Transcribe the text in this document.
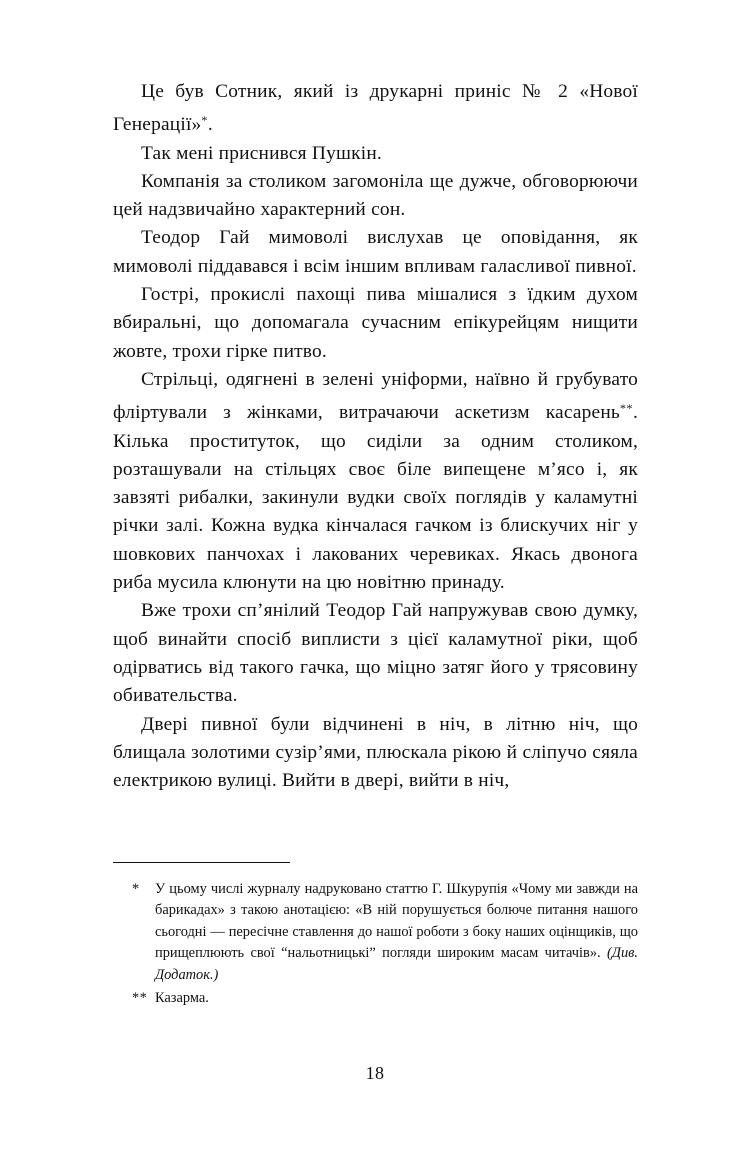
Це був Сотник, який із друкарні приніс № 2 «Нової Генерації»*.

Так мені приснився Пушкін.

Компанія за столиком загомоніла ще дужче, обговорюючи цей надзвичайно характерний сон.

Теодор Гай мимоволі вислухав це оповідання, як мимоволі піддавався і всім іншим впливам галасливої пивної.

Гострі, прокислі пахощі пива мішалися з їдким духом вбиральні, що допомагала сучасним епікурейцям нищити жовте, трохи гірке питво.

Стрільці, одягнені в зелені уніформи, наївно й грубувато фліртували з жінками, витрачаючи аскетизм касарень**. Кілька проституток, що сиділи за одним столиком, розташували на стільцях своє біле випещене м’ясо і, як завзяті рибалки, закинули вудки своїх поглядів у каламутні річки залі. Кожна вудка кінчалася гачком із блискучих ніг у шовкових панчохах і лакованих черевиках. Якась двонога риба мусила клюнути на цю новітню принаду.

Вже трохи сп’янілий Теодор Гай напружував свою думку, щоб винайти спосіб виплисти з цієї каламутної ріки, щоб одірватись від такого гачка, що міцно затяг його у трясовину обивательства.

Двері пивної були відчинені в ніч, в літню ніч, що блищала золотими сузір’ями, плюскала рікою й сліпучо сяяла електрикою вулиці. Вийти в двері, вийти в ніч,

*	У цьому числі журналу надруковано статтю Г. Шкурупія «Чому ми завжди на барикадах» з такою анотацією: «В ній порушується болюче питання нашого сьогодні — пересічне ставлення до нашої роботи з боку наших оцінщиків, що прищеплюють свої “нальотницькі” погляди широким масам читачів». (Див. Додаток.)
** Казарма.
18
